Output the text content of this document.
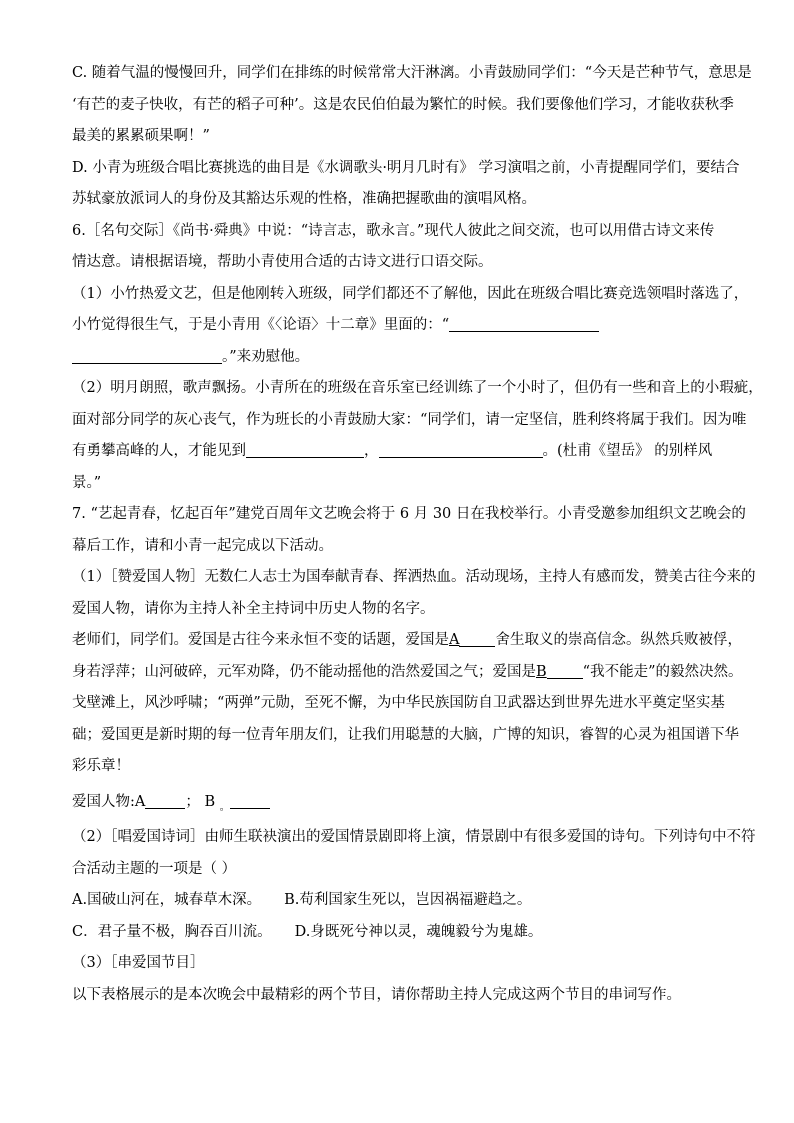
C. 随着气温的慢慢回升，同学们在排练的时候常常大汗淋漓。小青鼓励同学们：“今天是芒种节气，意思是
‘有芒的麦子快收，有芒的稻子可种’。这是农民伯伯最为繁忙的时候。我们要像他们学习，才能收获秋季
最美的累累硕果啊！”
D. 小青为班级合唱比赛挑选的曲目是《水调歌头·明月几时有》 学习演唱之前，小青提醒同学们，要结合
苏轼豪放派词人的身份及其豁达乐观的性格，准确把握歌曲的演唱风格。
6.［名句交际］《尚书·舜典》中说：“诗言志，歌永言。”现代人彼此之间交流，也可以用借古诗文来传
情达意。请根据语境，帮助小青使用合适的古诗文进行口语交际。
（1）小竹热爱文艺，但是他刚转入班级，同学们都还不了解他，因此在班级合唱比赛竞选领唱时落选了，
小竹觉得很生气，于是小青用《〈论语〉十二章》里面的：“
。”来劝慰他。
（2）明月朗照，歌声飘扬。小青所在的班级在音乐室已经训练了一个小时了，但仍有一些和音上的小瑕疵，
面对部分同学的灰心丧气，作为班长的小青鼓励大家：“同学们，请一定坚信，胜利终将属于我们。因为唯
有勇攀高峰的人，才能见到	，	。(杜甫《望岳》 的别样风
景。”
7. “艺起青春，忆起百年”建党百周年文艺晚会将于 6 月 30 日在我校举行。小青受邀参加组织文艺晚会的
幕后工作，请和小青一起完成以下活动。
（1）［赞爱国人物］无数仁人志士为国奉献青春、挥洒热血。活动现场，主持人有感而发，赞美古往今来的
爱国人物，请你为主持人补全主持词中历史人物的名字。
老师们，同学们。爱国是古往今来永恒不变的话题，爱国是A 舍生取义的崇高信念。纵然兵败被俘，
身若浮萍；山河破碎，元军劝降，仍不能动摇他的浩然爱国之气；爱国是B “我不能走”的毅然决然。
戈壁滩上，风沙呼啸；“两弹”元勋，至死不懈，为中华民族国防自卫武器达到世界先进水平奠定坚实基
础；爱国更是新时期的每一位青年朋友们，让我们用聪慧的大脑，广博的知识，睿智的心灵为祖国谱下华
彩乐章！
爱国人物:A	； B $_。$
（2）［唱爱国诗词］由师生联袂演出的爱国情景剧即将上演，情景剧中有很多爱国的诗句。下列诗句中不符
合活动主题的一项是（ ）
A.国破山河在，城春草木深。     B.苟利国家生死以，岂因祸福避趋之。
C．君子量不极，胸吞百川流。     D.身既死兮神以灵，魂魄毅兮为鬼雄。
（3）［串爱国节目］
以下表格展示的是本次晚会中最精彩的两个节目，请你帮助主持人完成这两个节目的串词写作。
